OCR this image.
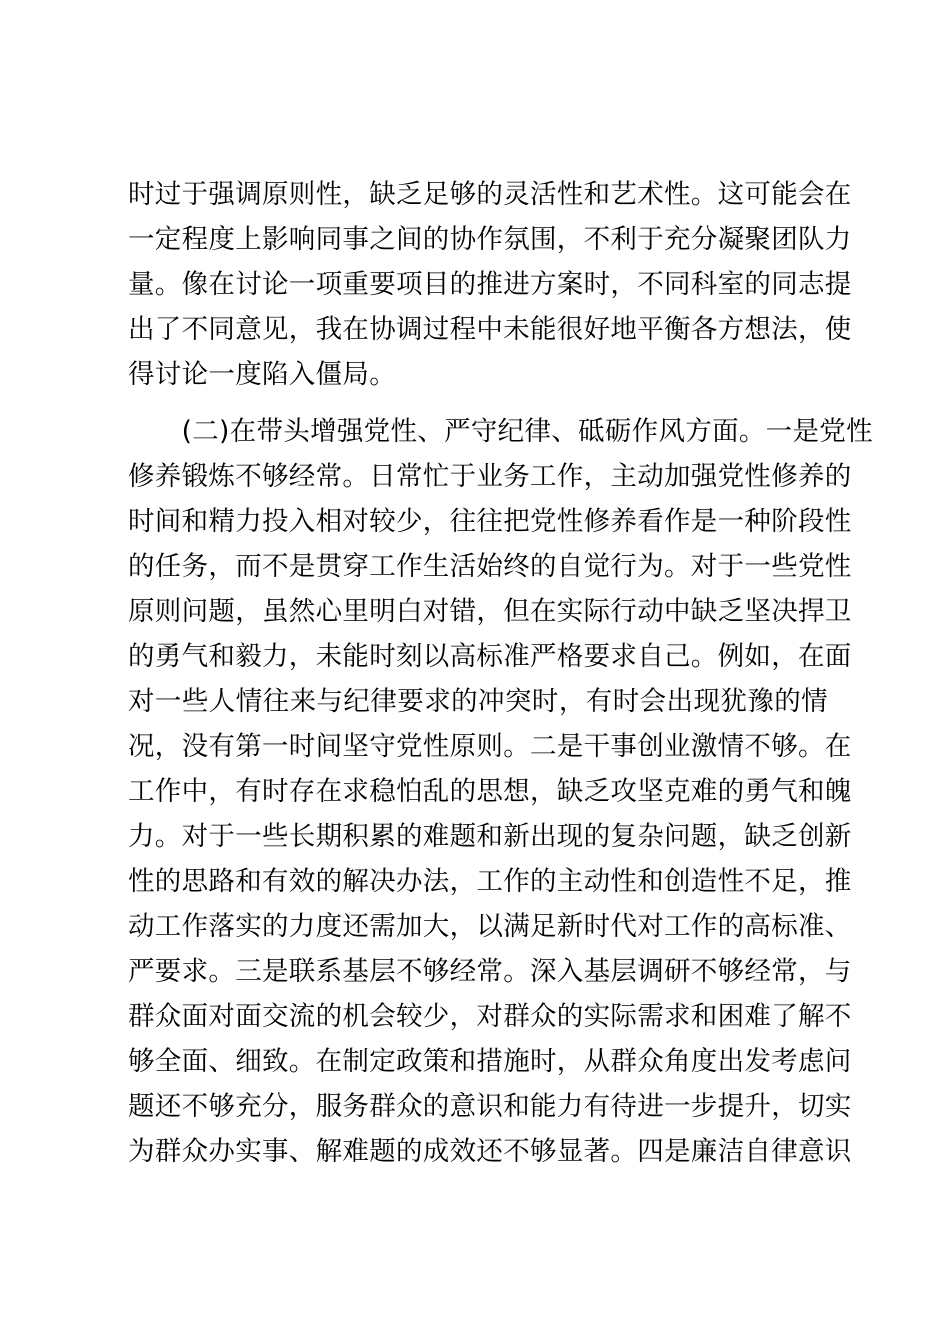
时过于强调原则性，缺乏足够的灵活性和艺术性。这可能会在
一定程度上影响同事之间的协作氛围，不利于充分凝聚团队力
量。像在讨论一项重要项目的推进方案时，不同科室的同志提
出了不同意见，我在协调过程中未能很好地平衡各方想法，使
得讨论一度陷入僵局。
　　(二)在带头增强党性、严守纪律、砥砺作风方面。一是党性
修养锻炼不够经常。日常忙于业务工作，主动加强党性修养的
时间和精力投入相对较少，往往把党性修养看作是一种阶段性
的任务，而不是贯穿工作生活始终的自觉行为。对于一些党性
原则问题，虽然心里明白对错，但在实际行动中缺乏坚决捍卫
的勇气和毅力，未能时刻以高标准严格要求自己。例如，在面
对一些人情往来与纪律要求的冲突时，有时会出现犹豫的情
况，没有第一时间坚守党性原则。二是干事创业激情不够。在
工作中，有时存在求稳怕乱的思想，缺乏攻坚克难的勇气和魄
力。对于一些长期积累的难题和新出现的复杂问题，缺乏创新
性的思路和有效的解决办法，工作的主动性和创造性不足，推
动工作落实的力度还需加大，以满足新时代对工作的高标准、
严要求。三是联系基层不够经常。深入基层调研不够经常，与
群众面对面交流的机会较少，对群众的实际需求和困难了解不
够全面、细致。在制定政策和措施时，从群众角度出发考虑问
题还不够充分，服务群众的意识和能力有待进一步提升，切实
为群众办实事、解难题的成效还不够显著。四是廉洁自律意识
